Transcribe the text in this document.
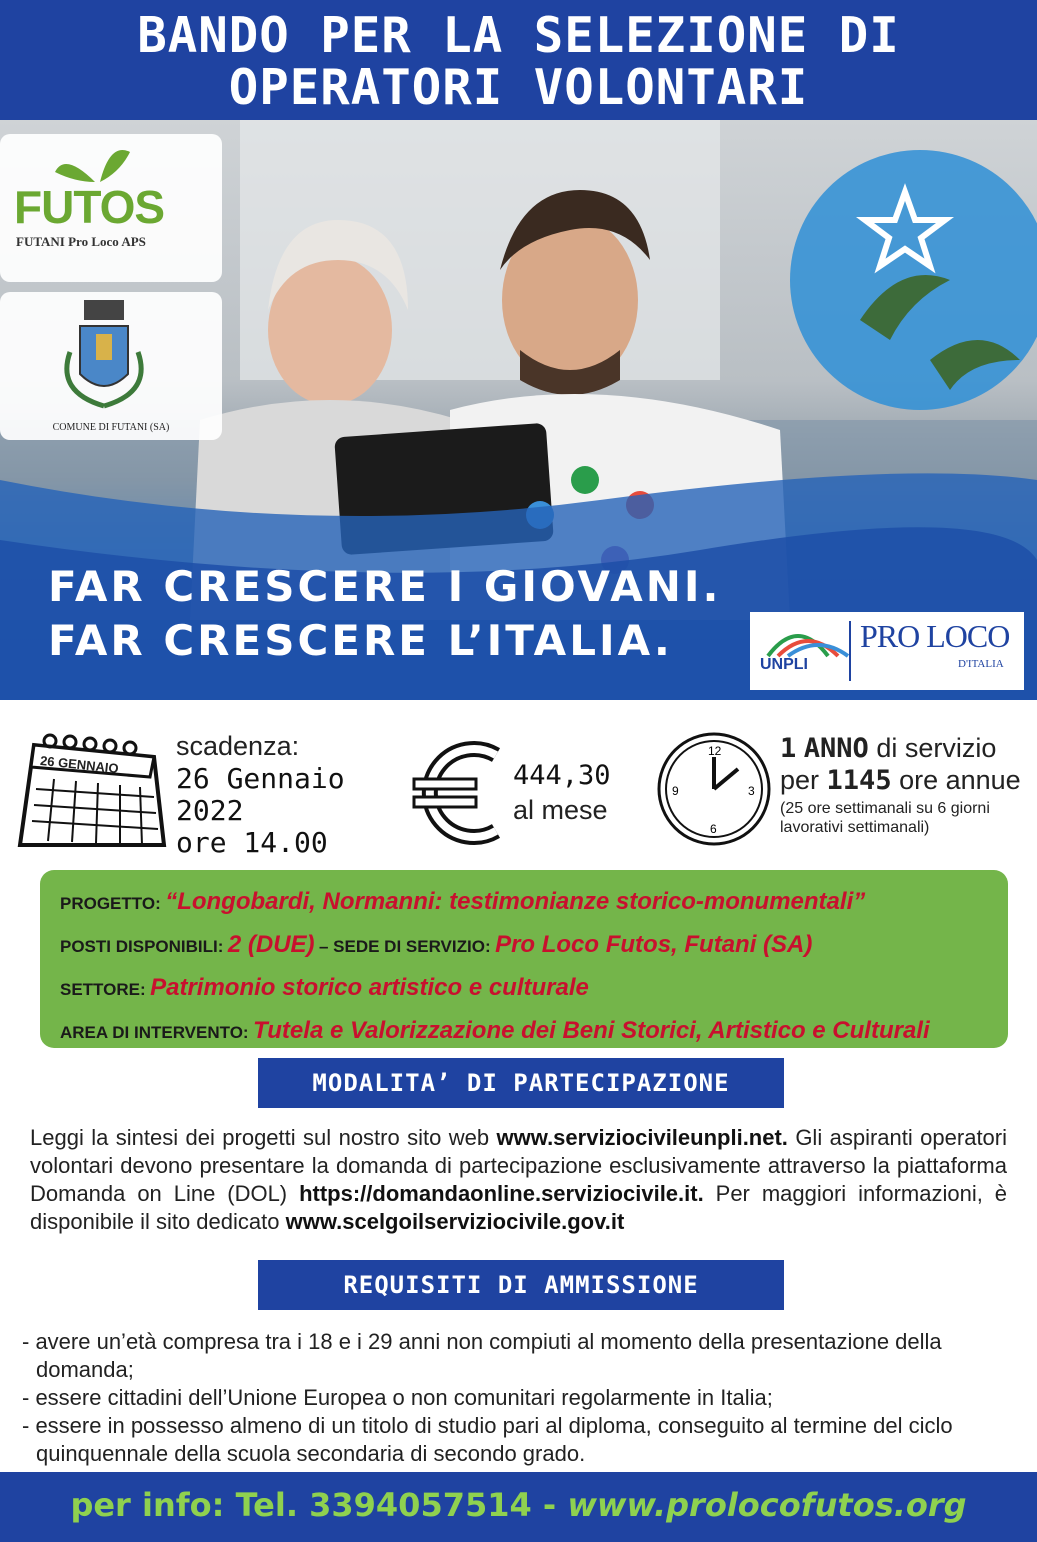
BANDO PER LA SELEZIONE DI
OPERATORI VOLONTARI
FUTOS
FUTANI Pro Loco APS
COMUNE DI FUTANI (SA)
FAR CRESCERE I GIOVANI.
FAR CRESCERE L’ITALIA.	UNPLI
PRO LOCO
D'ITALIA
26 GENNAIO
scadenza:
26 Gennaio
2022
ore 14.00
444,30
al mese
12
3
6
9
1 ANNO di servizio
per 1145 ore annue
(25 ore settimanali su 6 giorni lavorativi settimanali)
PROGETTO: “Longobardi, Normanni: testimonianze storico-monumentali”
POSTI DISPONIBILI: 2 (DUE) – SEDE DI SERVIZIO: Pro Loco Futos, Futani (SA)
SETTORE: Patrimonio storico artistico e culturale
AREA DI INTERVENTO: Tutela e Valorizzazione dei Beni Storici, Artistico e Culturali
MODALITA’ DI PARTECIPAZIONE

Leggi la sintesi dei progetti sul nostro sito web www.serviziocivileunpli.net. Gli aspiranti operatori volontari devono presentare la domanda di partecipazione esclusivamente attraverso la piattaforma Domanda on Line (DOL) https://domandaonline.serviziocivile.it. Per maggiori informazioni, è disponibile il sito dedicato www.scelgoilserviziocivile.gov.it

REQUISITI DI AMMISSIONE
- avere un’età compresa tra i 18 e i 29 anni non compiuti al momento della presentazione della domanda;
- essere cittadini dell’Unione Europea o non comunitari regolarmente in Italia;
- essere in possesso almeno di un titolo di studio pari al diploma, conseguito al termine del ciclo quinquennale della scuola secondaria di secondo grado.
per info: Tel. 3394057514 - www.prolocofutos.org
